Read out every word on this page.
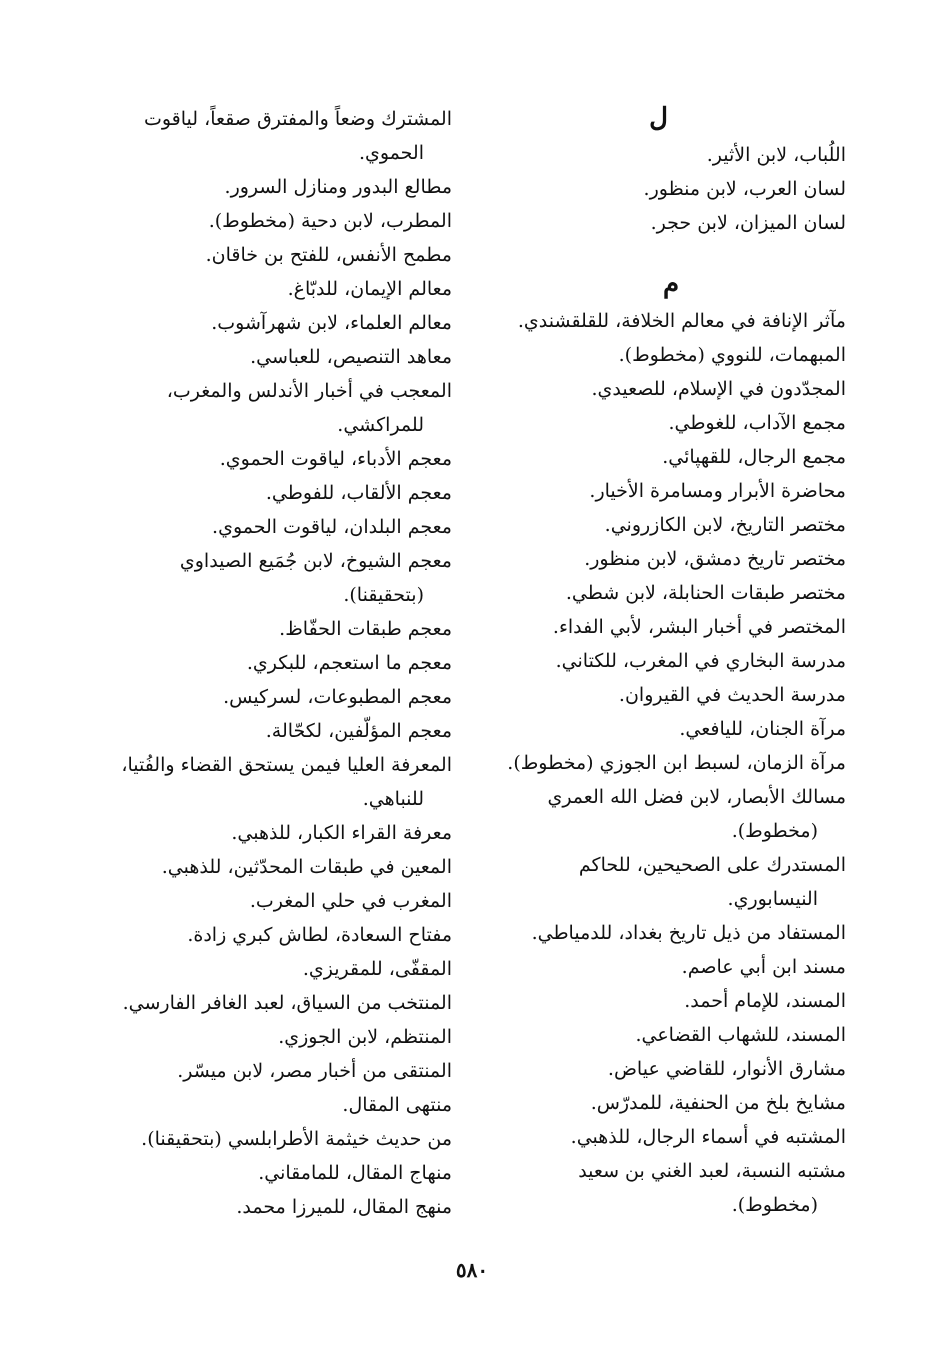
ل
اللُباب، لابن الأثير.
لسان العرب، لابن منظور.
لسان الميزان، لابن حجر.
م
مآثر الإنافة في معالم الخلافة، للقلقشندي.
المبهمات، للنووي (مخطوط).
المجدّدون في الإسلام، للصعيدي.
مجمع الآداب، للغوطي.
مجمع الرجال، للقهپائي.
محاضرة الأبرار ومسامرة الأخيار.
مختصر التاريخ، لابن الكازروني.
مختصر تاريخ دمشق، لابن منظور.
مختصر طبقات الحنابلة، لابن شطي.
المختصر في أخبار البشر، لأبي الفداء.
مدرسة البخاري في المغرب، للكتاني.
مدرسة الحديث في القيروان.
مرآة الجنان، لليافعي.
مرآة الزمان، لسبط ابن الجوزي (مخطوط).
مسالك الأبصار، لابن فضل الله العمري
(مخطوط).
المستدرك على الصحيحين، للحاكم
النيسابوري.
المستفاد من ذيل تاريخ بغداد، للدمياطي.
مسند ابن أبي عاصم.
المسند، للإمام أحمد.
المسند، للشهاب القضاعي.
مشارق الأنوار، للقاضي عياض.
مشايخ بلخ من الحنفية، للمدرّس.
المشتبه في أسماء الرجال، للذهبي.
مشتبه النسبة، لعبد الغني بن سعيد
(مخطوط).
المشترك وضعاً والمفترق صقعاً، لياقوت
الحموي.
مطالع البدور ومنازل السرور.
المطرب، لابن دحية (مخطوط).
مطمح الأنفس، للفتح بن خاقان.
معالم الإيمان، للدبّاغ.
معالم العلماء، لابن شهرآشوب.
معاهد التنصيص، للعباسي.
المعجب في أخبار الأندلس والمغرب،
للمراكشي.
معجم الأدباء، لياقوت الحموي.
معجم الألقاب، للفوطي.
معجم البلدان، لياقوت الحموي.
معجم الشيوخ، لابن جُمَيع الصيداوي
(بتحقيقنا).
معجم طبقات الحفّاظ.
معجم ما استعجم، للبكري.
معجم المطبوعات، لسركيس.
معجم المؤلّفين، لكحّالة.
المعرفة العليا فيمن يستحق القضاء والفُتيا،
للنباهي.
معرفة القراء الكبار، للذهبي.
المعين في طبقات المحدّثين، للذهبي.
المغرب في حلي المغرب.
مفتاح السعادة، لطاش كبري زادة.
المقفّى، للمقريزي.
المنتخب من السياق، لعبد الغافر الفارسي.
المنتظم، لابن الجوزي.
المنتقى من أخبار مصر، لابن ميسّر.
منتهى المقال.
من حديث خيثمة الأطرابلسي (بتحقيقنا).
منهاج المقال، للمامقاني.
منهج المقال، للميرزا محمد.
٥٨٠
